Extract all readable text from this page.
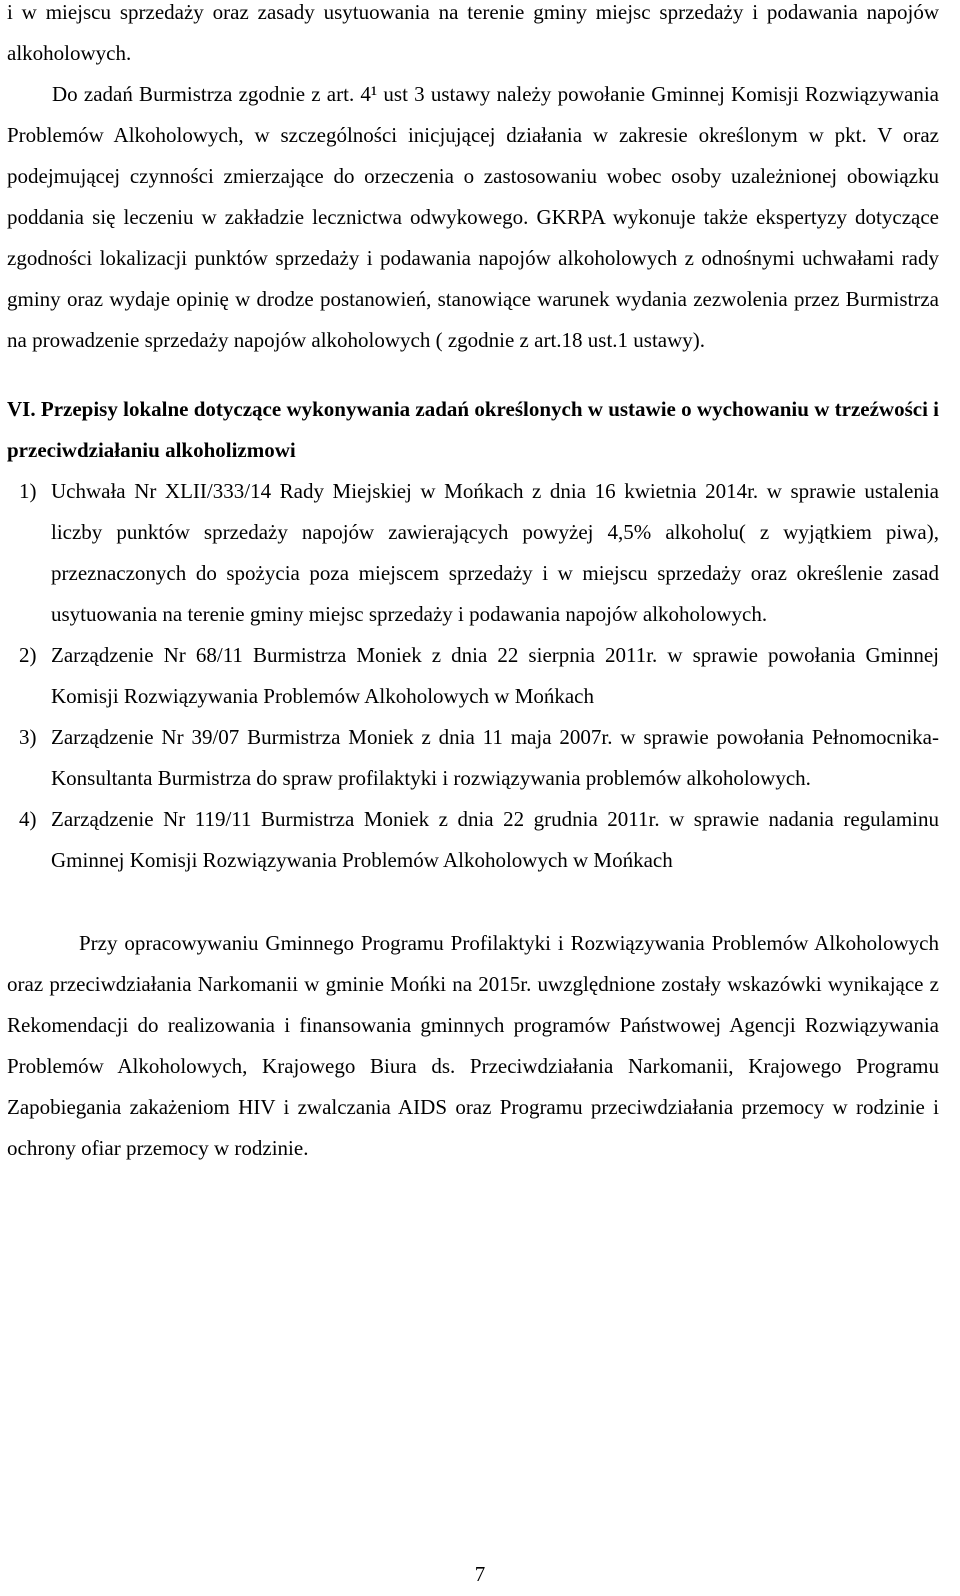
i w miejscu sprzedaży oraz zasady usytuowania na terenie gminy miejsc sprzedaży i podawania napojów alkoholowych.

Do zadań Burmistrza zgodnie z art. 4¹ ust 3 ustawy należy powołanie Gminnej Komisji Rozwiązywania Problemów Alkoholowych, w szczególności inicjującej działania w zakresie określonym w pkt. V oraz podejmującej czynności zmierzające do orzeczenia o zastosowaniu wobec osoby uzależnionej obowiązku poddania się leczeniu w zakładzie lecznictwa odwykowego. GKRPA wykonuje także ekspertyzy dotyczące zgodności lokalizacji punktów sprzedaży i podawania napojów alkoholowych z odnośnymi uchwałami rady gminy oraz wydaje opinię w drodze postanowień, stanowiące warunek wydania zezwolenia przez Burmistrza na prowadzenie sprzedaży napojów alkoholowych ( zgodnie z art.18 ust.1 ustawy).

VI. Przepisy lokalne dotyczące wykonywania zadań określonych w ustawie o wychowaniu w trzeźwości i przeciwdziałaniu alkoholizmowi

1) Uchwała Nr XLII/333/14 Rady Miejskiej w Mońkach z dnia 16 kwietnia 2014r. w sprawie ustalenia liczby punktów sprzedaży napojów zawierających powyżej 4,5% alkoholu( z wyjątkiem piwa), przeznaczonych do spożycia poza miejscem sprzedaży i w miejscu sprzedaży oraz określenie zasad usytuowania na terenie gminy miejsc sprzedaży i podawania napojów alkoholowych.
2) Zarządzenie Nr 68/11 Burmistrza Moniek z dnia 22 sierpnia 2011r. w sprawie powołania Gminnej Komisji Rozwiązywania Problemów Alkoholowych w Mońkach
3) Zarządzenie Nr 39/07 Burmistrza Moniek z dnia 11 maja 2007r. w sprawie powołania Pełnomocnika-Konsultanta Burmistrza do spraw profilaktyki i rozwiązywania problemów alkoholowych.
4) Zarządzenie Nr 119/11 Burmistrza Moniek z dnia 22 grudnia 2011r. w sprawie nadania regulaminu Gminnej Komisji Rozwiązywania Problemów Alkoholowych w Mońkach

Przy opracowywaniu Gminnego Programu Profilaktyki i Rozwiązywania Problemów Alkoholowych oraz przeciwdziałania Narkomanii w gminie Mońki na 2015r. uwzględnione zostały wskazówki wynikające z Rekomendacji do realizowania i finansowania gminnych programów Państwowej Agencji Rozwiązywania Problemów Alkoholowych, Krajowego Biura ds. Przeciwdziałania Narkomanii, Krajowego Programu Zapobiegania zakażeniom HIV i zwalczania AIDS oraz Programu przeciwdziałania przemocy w rodzinie i ochrony ofiar przemocy w rodzinie.

7
